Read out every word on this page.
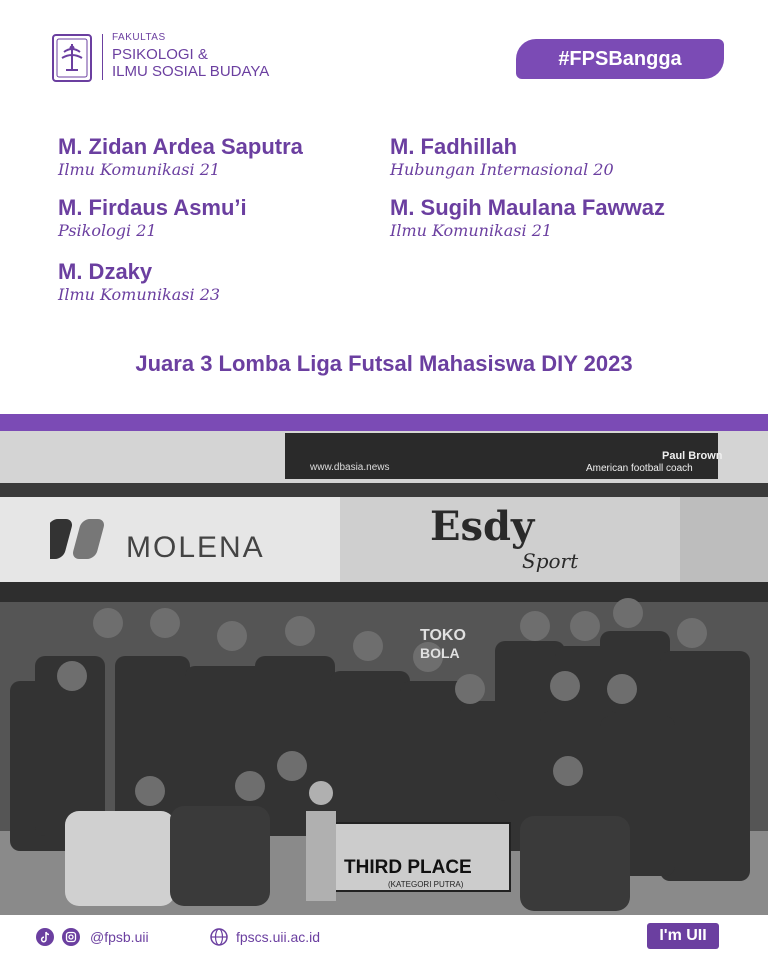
FAKULTAS
PSIKOLOGI &
ILMU SOSIAL BUDAYA
#FPSBangga
M. Zidan Ardea Saputra
Ilmu Komunikasi 21
M. Fadhillah
Hubungan Internasional 20
M. Firdaus Asmu’i
Psikologi 21
M. Sugih Maulana Fawwaz
Ilmu Komunikasi 21
M. Dzaky
Ilmu Komunikasi 23
Juara 3 Lomba Liga Futsal Mahasiswa DIY 2023
www.dbasia.news
Paul Brown
American football coach
MOLENA	Esdy
Sport
TOKO
BOLA
THIRD PLACE
(KATEGORI PUTRA)
@fpsb.uii	fpscs.uii.ac.id	I'm UII
